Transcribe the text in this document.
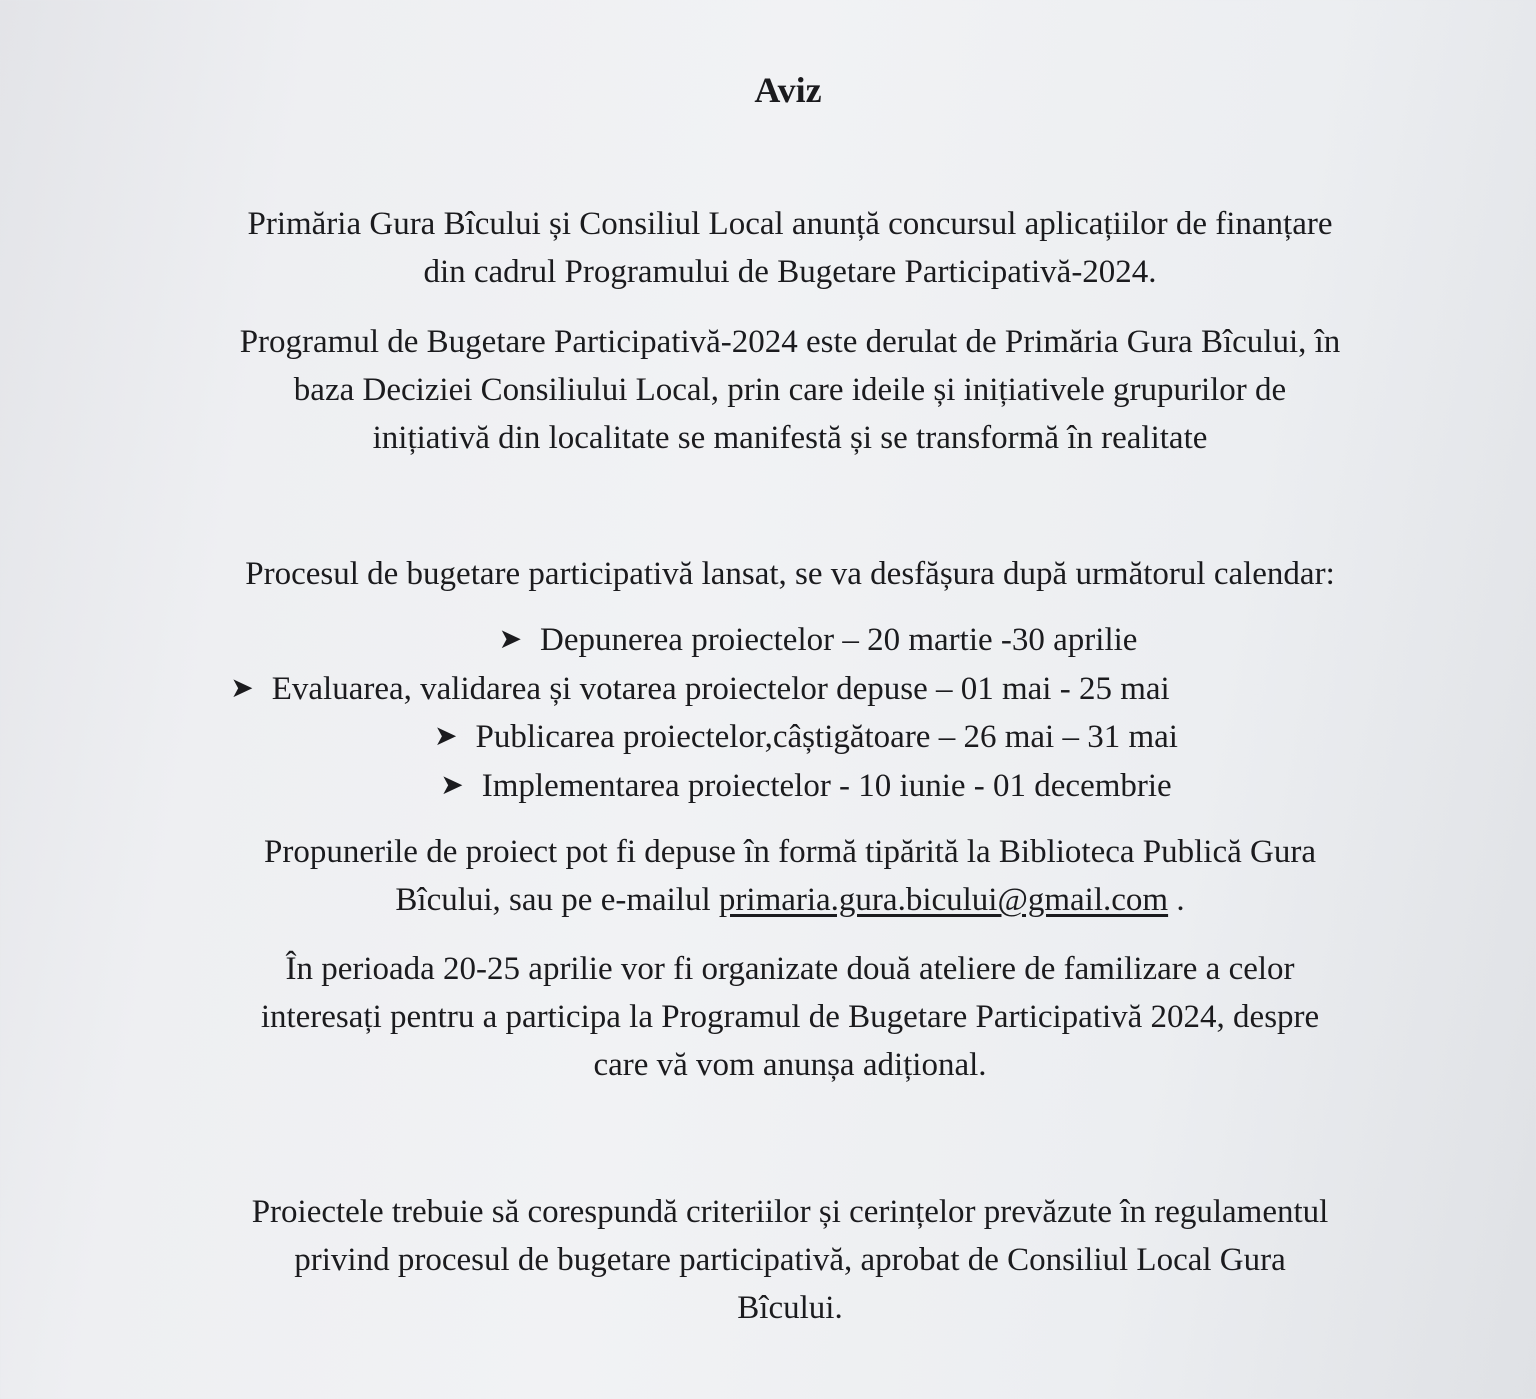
Aviz
Primăria Gura Bîcului și Consiliul Local anunță concursul aplicațiilor de finanțare
din cadrul Programului de Bugetare Participativă-2024.
Programul de Bugetare Participativă-2024 este derulat de Primăria Gura Bîcului, în
baza Deciziei Consiliului Local, prin care ideile și inițiativele grupurilor de
inițiativă din localitate se manifestă și se transformă în realitate
Procesul de bugetare participativă lansat, se va desfășura după următorul calendar:
➤ Depunerea proiectelor – 20 martie -30 aprilie
➤ Evaluarea, validarea și votarea proiectelor depuse – 01 mai - 25 mai
➤ Publicarea proiectelor,câștigătoare – 26 mai – 31 mai
➤ Implementarea proiectelor - 10 iunie - 01 decembrie
Propunerile de proiect pot fi depuse în formă tipărită la Biblioteca Publică Gura
Bîcului, sau pe e-mailul primaria.gura.bicului@gmail.com .
În perioada 20-25 aprilie vor fi organizate două ateliere de familizare a celor
interesați pentru a participa la Programul de Bugetare Participativă 2024, despre
care vă vom anunșa adițional.
Proiectele trebuie să corespundă criteriilor și cerințelor prevăzute în regulamentul
privind procesul de bugetare participativă, aprobat de Consiliul Local Gura
Bîcului.
